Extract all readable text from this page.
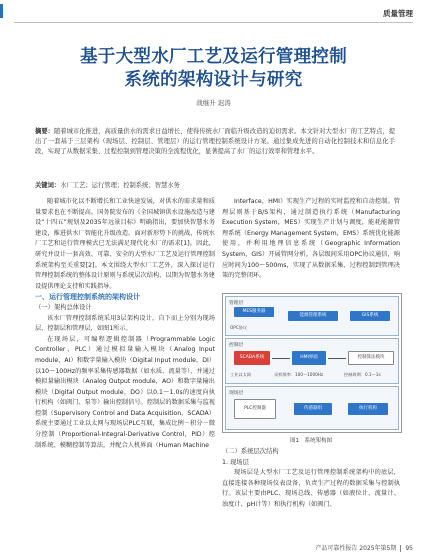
质量管理
基于大型水厂工艺及运行管理控制
系统的架构设计与研究
战继升 迟涛
摘要：随着城市化推进，高质量供水的需求日益增长，使得传统水厂面临升级改造的迫切需求。本文针对大型水厂的工艺特点，提出了一套基于三层架构（现场层、控制层、管理层）的运行管理控制系统设计方案。通过集成先进的自动化控制技术和信息化手段，实现了从数据采集、过程控制到管理决策的全流程优化，显著提高了水厂的运行效率和管理水平。
关键词：水厂工艺；运行管理；控制系统；智慧水务

随着城市化以不断增长和工业快速发展，对供水的需求量和质量要求也在不断提高。国务院发布的《全国城镇供水设施改造与建设“十四五”规划及2035年远景目标》明确指出，要加快智慧水务建设，推进供水厂智能化升级改造。面对新形势下的挑战，传统水厂工艺和运行管理模式已无法满足现代化水厂的需求[1]。因此，研究并设计一套高效、可靠、安全的大型水厂工艺及运行管理控制系统架构至关重要[2]。本文围绕大型水厂工艺外，深入探讨运行管理控制系统的整体设计原则与系统层次结构，以期为智慧水务建设提供理论支持和实践指导。

一、运行管理控制系统的架构设计

（一）架构总体设计

该水厂管理控制系统采用3层架构设计，自下而上分别为现场层、控制层和管理层，如图1所示。

在现场层，可编程逻辑控制器（Programmable Logic Controller，PLC）通过模拟量输入模块（Analog Input module，AI）和数字量输入模块（Digital Input module，DI）以10～100Hz的频率采集传感器数据（如水质、流量等），并通过模拟量输出模块（Analog Output module，AO）和数字量输出模块（Digital Output module，DO）以0.1～1.0s的速度向执行机构（如阀门、泵等）输出控制信号。控制层的数据采集与监视控制（Supervisory Control and Data Acquisition，SCADA）系统主要通过工业以太网与现场层PLC互联，集成比例－积分－微分控制（Proportional-Integral-Derivative Control，PID）控制系统、模糊控制等算法，并配合人机界面（Human Machine

Interface，HMI）实现生产过程的实时监控和自动控制。管理层则基于B/S架构，通过制造执行系统（Manufacturing Execution System，MES）实现生产计划与调度，能耗能源管理系统（Energy Management System，EMS）系统优化能源使用，并利用地理信息系统（Geographic Information System，GIS）开展管网分析。各层级间采用OPC协议通信，响应时间为100～500ms，实现了从数据采集、过程控制到管理决策的完整闭环。

管理层
MES服务器
能源管理系统	GIS系统
OPC协议
控制层
SCADA系统	HMI界面	控制算法模块
工业以太网	采样频率：100～1000Hz	控制周期：0.1～1s
现场层
PLC控制器	传感器组	执行机构
图1　系统架构图

（二）系统层次结构

1. 现场层

现场层是大型水厂工艺及运行管理控制系统架构中的底层，直接连接各种现场仪表设备，负责生产过程的数据采集与控制执行。该层主要由PLC、现场总线、传感器（如液位计、流量计、浊度计、pH计等）和执行机构（如阀门、

产品可靠性报告 2025年第5期 95
